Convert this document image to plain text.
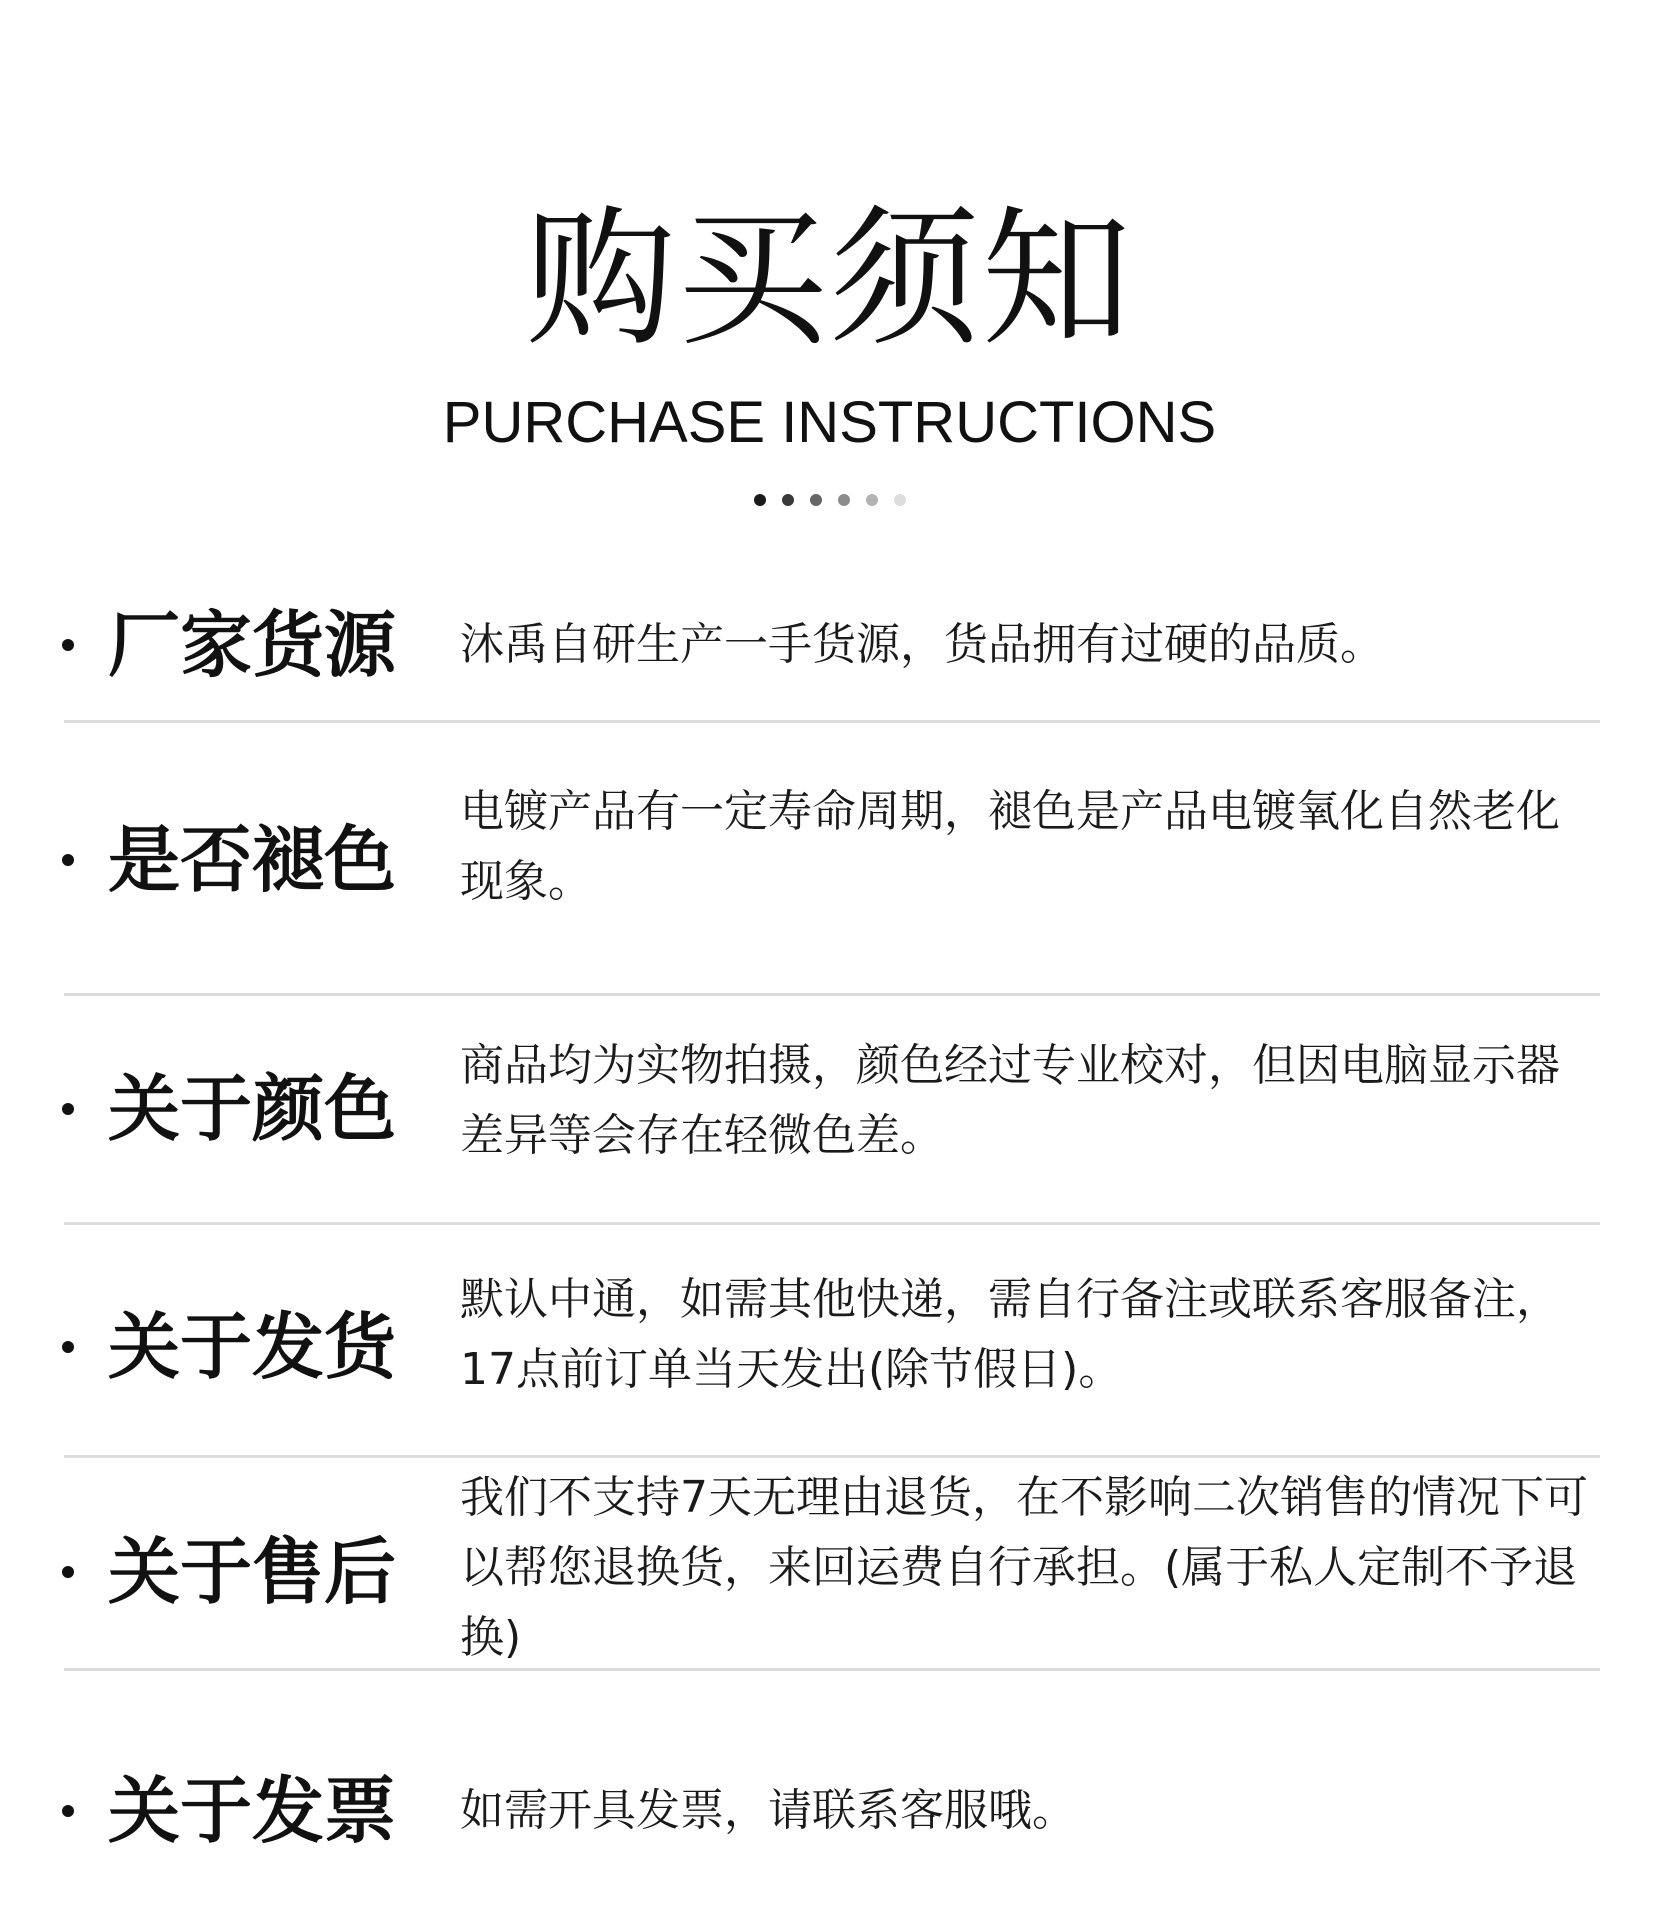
购买须知
PURCHASE INSTRUCTIONS
厂家货源 沐禹自研生产一手货源，货品拥有过硬的品质。
是否褪色
电镀产品有一定寿命周期，褪色是产品电镀氧化自然老化现象。
关于颜色
商品均为实物拍摄，颜色经过专业校对，但因电脑显示器差异等会存在轻微色差。
关于发货
默认中通，如需其他快递，需自行备注或联系客服备注，17点前订单当天发出(除节假日)。
关于售后
我们不支持7天无理由退货，在不影响二次销售的情况下可以帮您退换货，来回运费自行承担。(属于私人定制不予退换)
关于发票 如需开具发票，请联系客服哦。
